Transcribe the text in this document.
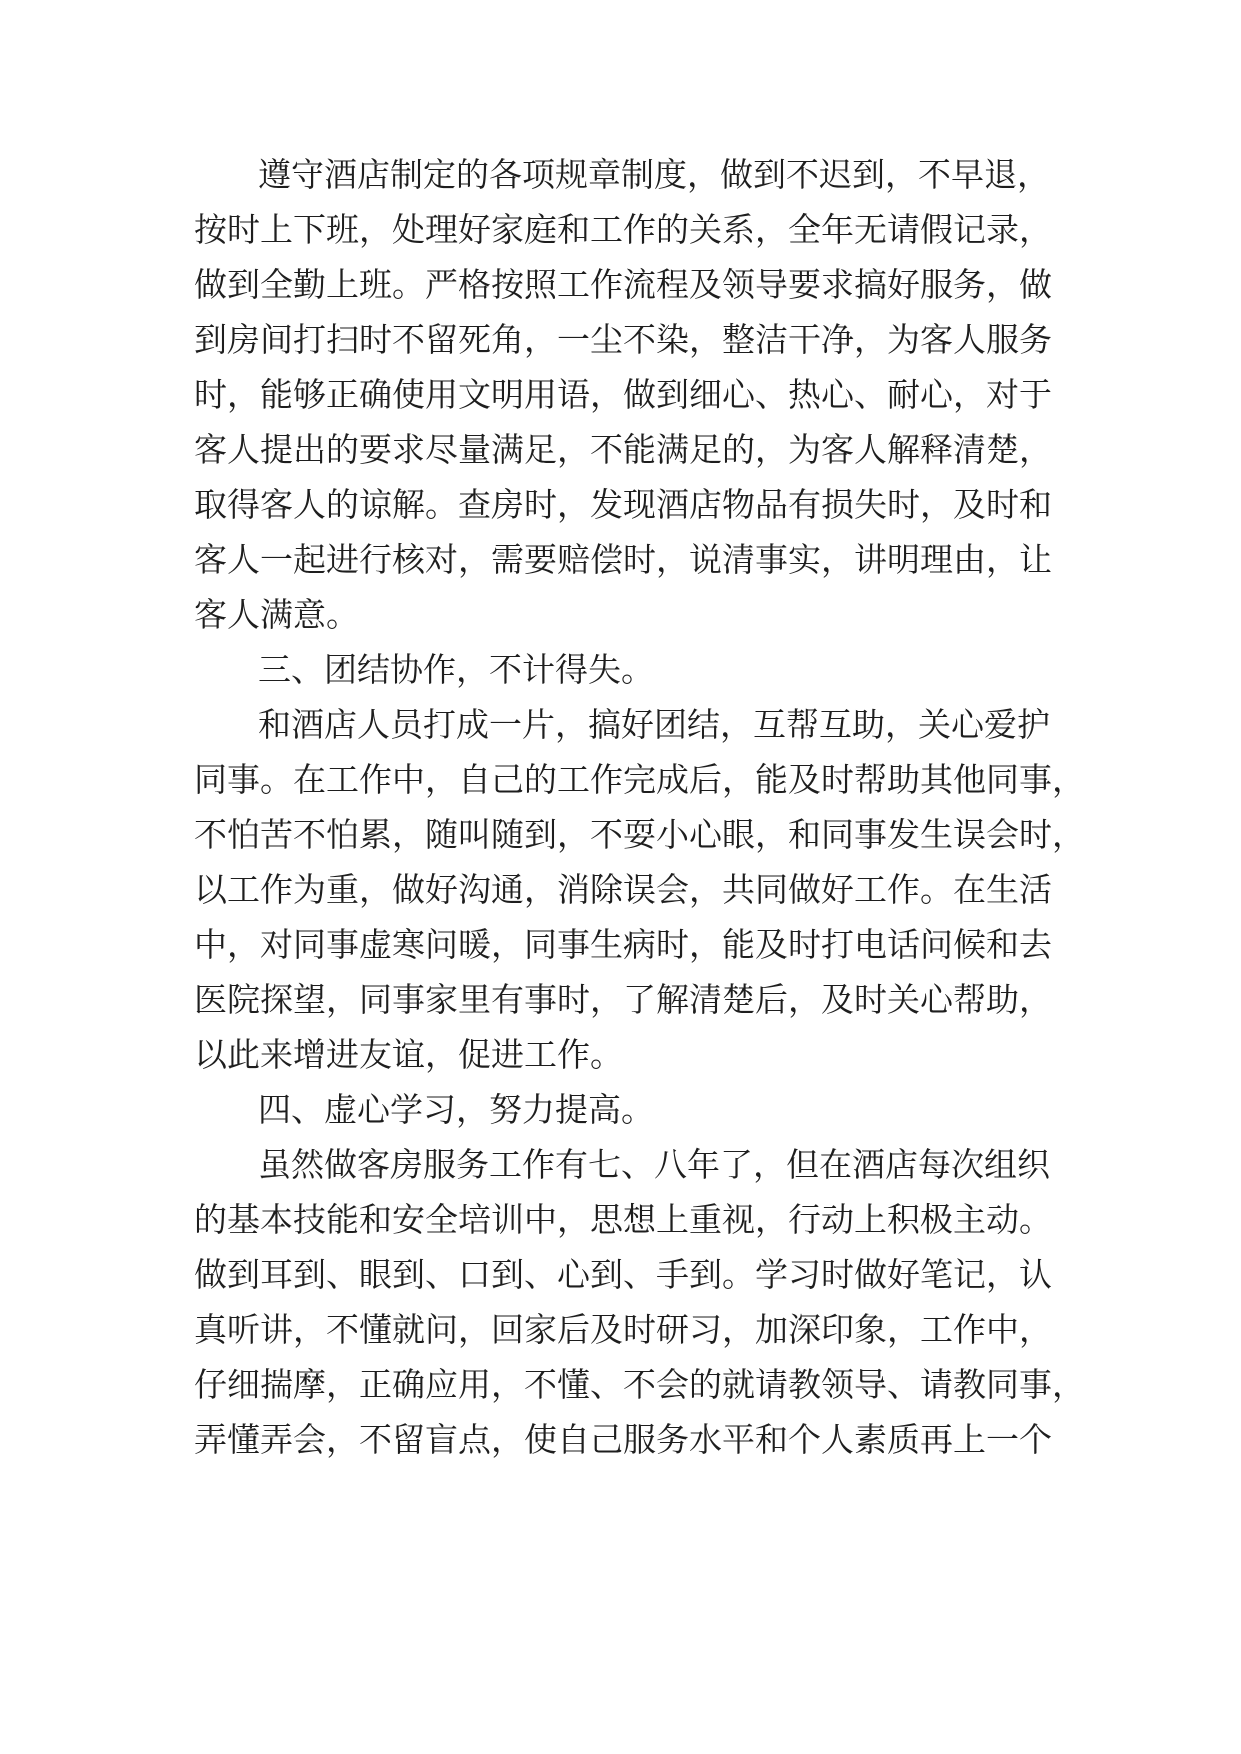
遵守酒店制定的各项规章制度，做到不迟到，不早退，
按时上下班，处理好家庭和工作的关系，全年无请假记录，
做到全勤上班。严格按照工作流程及领导要求搞好服务，做
到房间打扫时不留死角，一尘不染，整洁干净，为客人服务
时，能够正确使用文明用语，做到细心、热心、耐心，对于
客人提出的要求尽量满足，不能满足的，为客人解释清楚，
取得客人的谅解。查房时，发现酒店物品有损失时，及时和
客人一起进行核对，需要赔偿时，说清事实，讲明理由，让
客人满意。
三、团结协作，不计得失。
和酒店人员打成一片，搞好团结，互帮互助，关心爱护
同事。在工作中，自己的工作完成后，能及时帮助其他同事，
不怕苦不怕累，随叫随到，不耍小心眼，和同事发生误会时，
以工作为重，做好沟通，消除误会，共同做好工作。在生活
中，对同事虚寒问暖，同事生病时，能及时打电话问候和去
医院探望，同事家里有事时，了解清楚后，及时关心帮助，
以此来增进友谊，促进工作。
四、虚心学习，努力提高。
虽然做客房服务工作有七、八年了，但在酒店每次组织
的基本技能和安全培训中，思想上重视，行动上积极主动。
做到耳到、眼到、口到、心到、手到。学习时做好笔记，认
真听讲，不懂就问，回家后及时研习，加深印象，工作中，
仔细揣摩，正确应用，不懂、不会的就请教领导、请教同事，
弄懂弄会，不留盲点，使自己服务水平和个人素质再上一个
